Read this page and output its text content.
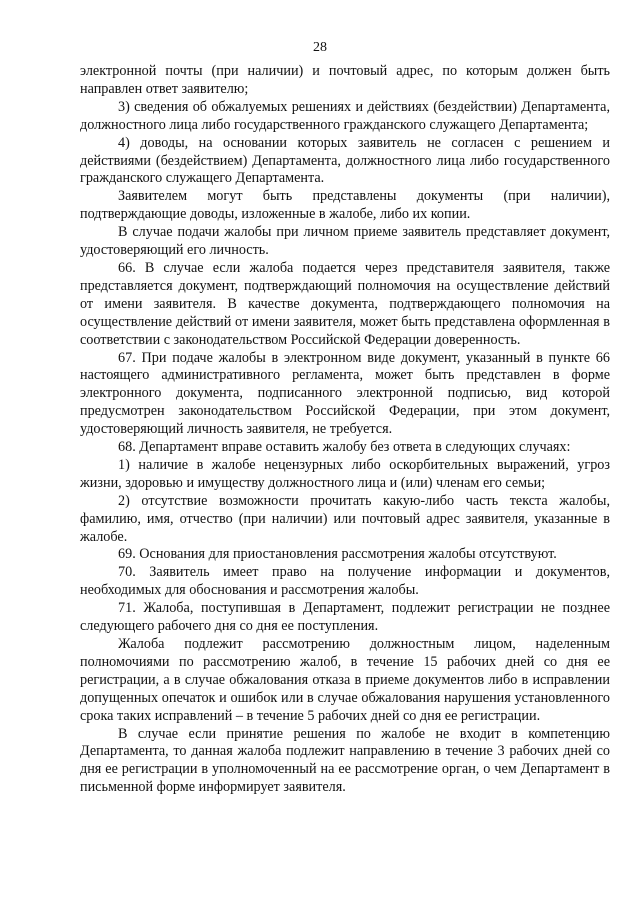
28

электронной почты (при наличии) и почтовый адрес, по которым должен быть направлен ответ заявителю;

3) сведения об обжалуемых решениях и действиях (бездействии) Департамента, должностного лица либо государственного гражданского служащего Департамента;

4) доводы, на основании которых заявитель не согласен с решением и действиями (бездействием) Департамента, должностного лица либо государственного гражданского служащего Департамента.

Заявителем могут быть представлены документы (при наличии), подтверждающие доводы, изложенные в жалобе, либо их копии.

В случае подачи жалобы при личном приеме заявитель представляет документ, удостоверяющий его личность.

66. В случае если жалоба подается через представителя заявителя, также представляется документ, подтверждающий полномочия на осуществление действий от имени заявителя. В качестве документа, подтверждающего полномочия на осуществление действий от имени заявителя, может быть представлена оформленная в соответствии с законодательством Российской Федерации доверенность.

67. При подаче жалобы в электронном виде документ, указанный в пункте 66 настоящего административного регламента, может быть представлен в форме электронного документа, подписанного электронной подписью, вид которой предусмотрен законодательством Российской Федерации, при этом документ, удостоверяющий личность заявителя, не требуется.

68. Департамент вправе оставить жалобу без ответа в следующих случаях:

1) наличие в жалобе нецензурных либо оскорбительных выражений, угроз жизни, здоровью и имуществу должностного лица и (или) членам его семьи;

2) отсутствие возможности прочитать какую-либо часть текста жалобы, фамилию, имя, отчество (при наличии) или почтовый адрес заявителя, указанные в жалобе.

69. Основания для приостановления рассмотрения жалобы отсутствуют.

70. Заявитель имеет право на получение информации и документов, необходимых для обоснования и рассмотрения жалобы.

71. Жалоба, поступившая в Департамент, подлежит регистрации не позднее следующего рабочего дня со дня ее поступления.

Жалоба подлежит рассмотрению должностным лицом, наделенным полномочиями по рассмотрению жалоб, в течение 15 рабочих дней со дня ее регистрации, а в случае обжалования отказа в приеме документов либо в исправлении допущенных опечаток и ошибок или в случае обжалования нарушения установленного срока таких исправлений – в течение 5 рабочих дней со дня ее регистрации.

В случае если принятие решения по жалобе не входит в компетенцию Департамента, то данная жалоба подлежит направлению в течение 3 рабочих дней со дня ее регистрации в уполномоченный на ее рассмотрение орган, о чем Департамент в письменной форме информирует заявителя.
